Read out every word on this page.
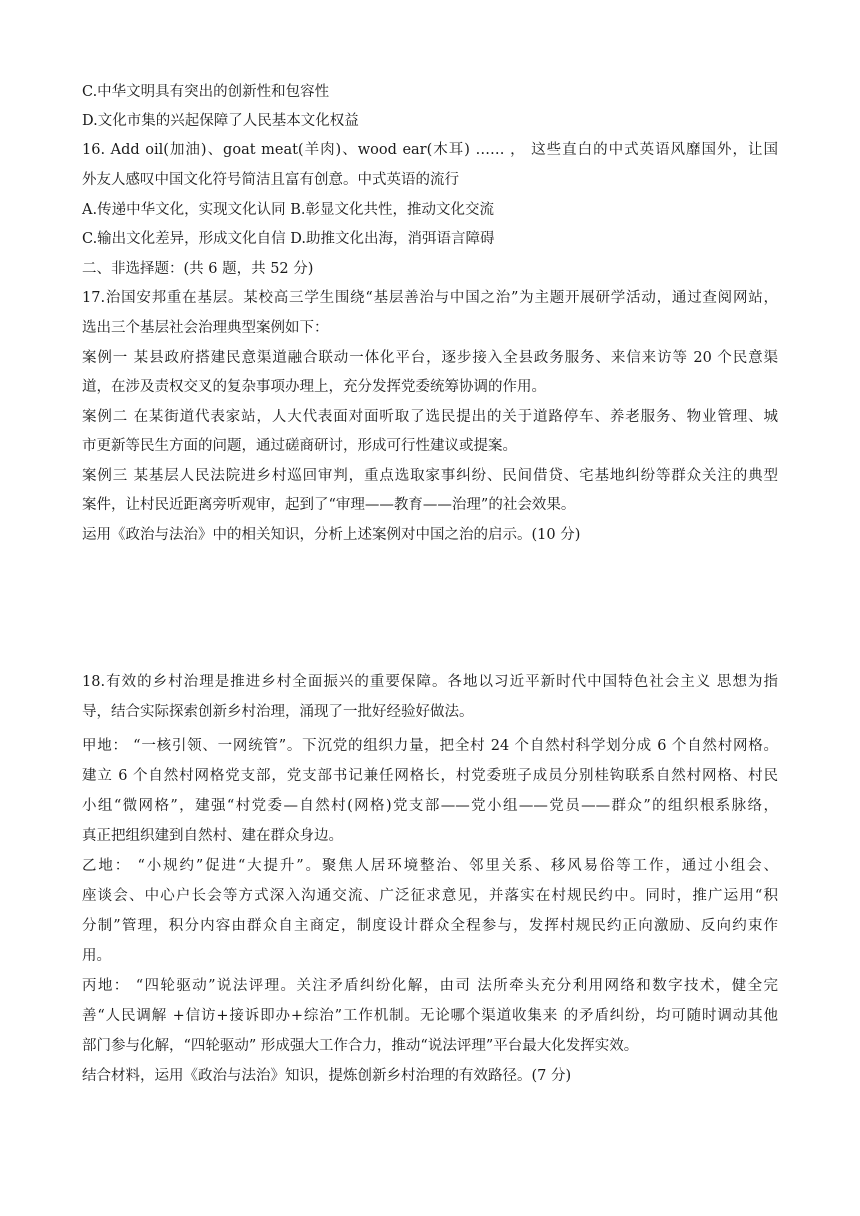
C.中华文明具有突出的创新性和包容性
D.文化市集的兴起保障了人民基本文化权益
16. Add oil(加油)、goat meat(羊肉)、wood ear(木耳) …… ， 这些直白的中式英语风靡国外，让国
外友人感叹中国文化符号简洁且富有创意。中式英语的流行
A.传递中华文化，实现文化认同 B.彰显文化共性，推动文化交流
C.输出文化差异，形成文化自信 D.助推文化出海，消弭语言障碍
二、非选择题：(共 6 题，共 52 分)
17.治国安邦重在基层。某校高三学生围绕“基层善治与中国之治”为主题开展研学活动，通过查阅网站，
选出三个基层社会治理典型案例如下：
案例一 某县政府搭建民意渠道融合联动一体化平台，逐步接入全县政务服务、来信来访等 20 个民意渠
道，在涉及责权交叉的复杂事项办理上，充分发挥党委统筹协调的作用。
案例二 在某街道代表家站，人大代表面对面听取了选民提出的关于道路停车、养老服务、物业管理、城
市更新等民生方面的问题，通过磋商研讨，形成可行性建议或提案。
案例三 某基层人民法院进乡村巡回审判，重点选取家事纠纷、民间借贷、宅基地纠纷等群众关注的典型
案件，让村民近距离旁听观审，起到了“审理——教育——治理”的社会效果。
运用《政治与法治》中的相关知识，分析上述案例对中国之治的启示。(10 分)
18.有效的乡村治理是推进乡村全面振兴的重要保障。各地以习近平新时代中国特色社会主义 思想为指
导，结合实际探索创新乡村治理，涌现了一批好经验好做法。
甲地： “一核引领、一网统管”。下沉党的组织力量，把全村 24 个自然村科学划分成 6 个自然村网格。
建立 6 个自然村网格党支部，党支部书记兼任网格长，村党委班子成员分别桂钩联系自然村网格、村民
小组“微网格”，建强“村党委—自然村(网格)党支部——党小组——党员——群众”的组织根系脉络，
真正把组织建到自然村、建在群众身边。
乙地： “小规约”促进“大提升”。聚焦人居环境整治、邻里关系、移风易俗等工作，通过小组会、
座谈会、中心户长会等方式深入沟通交流、广泛征求意见，并落实在村规民约中。同时，推广运用“积
分制”管理，积分内容由群众自主商定，制度设计群众全程参与，发挥村规民约正向激励、反向约束作
用。
丙地： “四轮驱动”说法评理。关注矛盾纠纷化解，由司 法所牵头充分利用网络和数字技术，健全完
善“人民调解 +信访+接诉即办+综治”工作机制。无论哪个渠道收集来 的矛盾纠纷，均可随时调动其他
部门参与化解，“四轮驱动” 形成强大工作合力，推动“说法评理”平台最大化发挥实效。
结合材料，运用《政治与法治》知识，提炼创新乡村治理的有效路径。(7 分)
